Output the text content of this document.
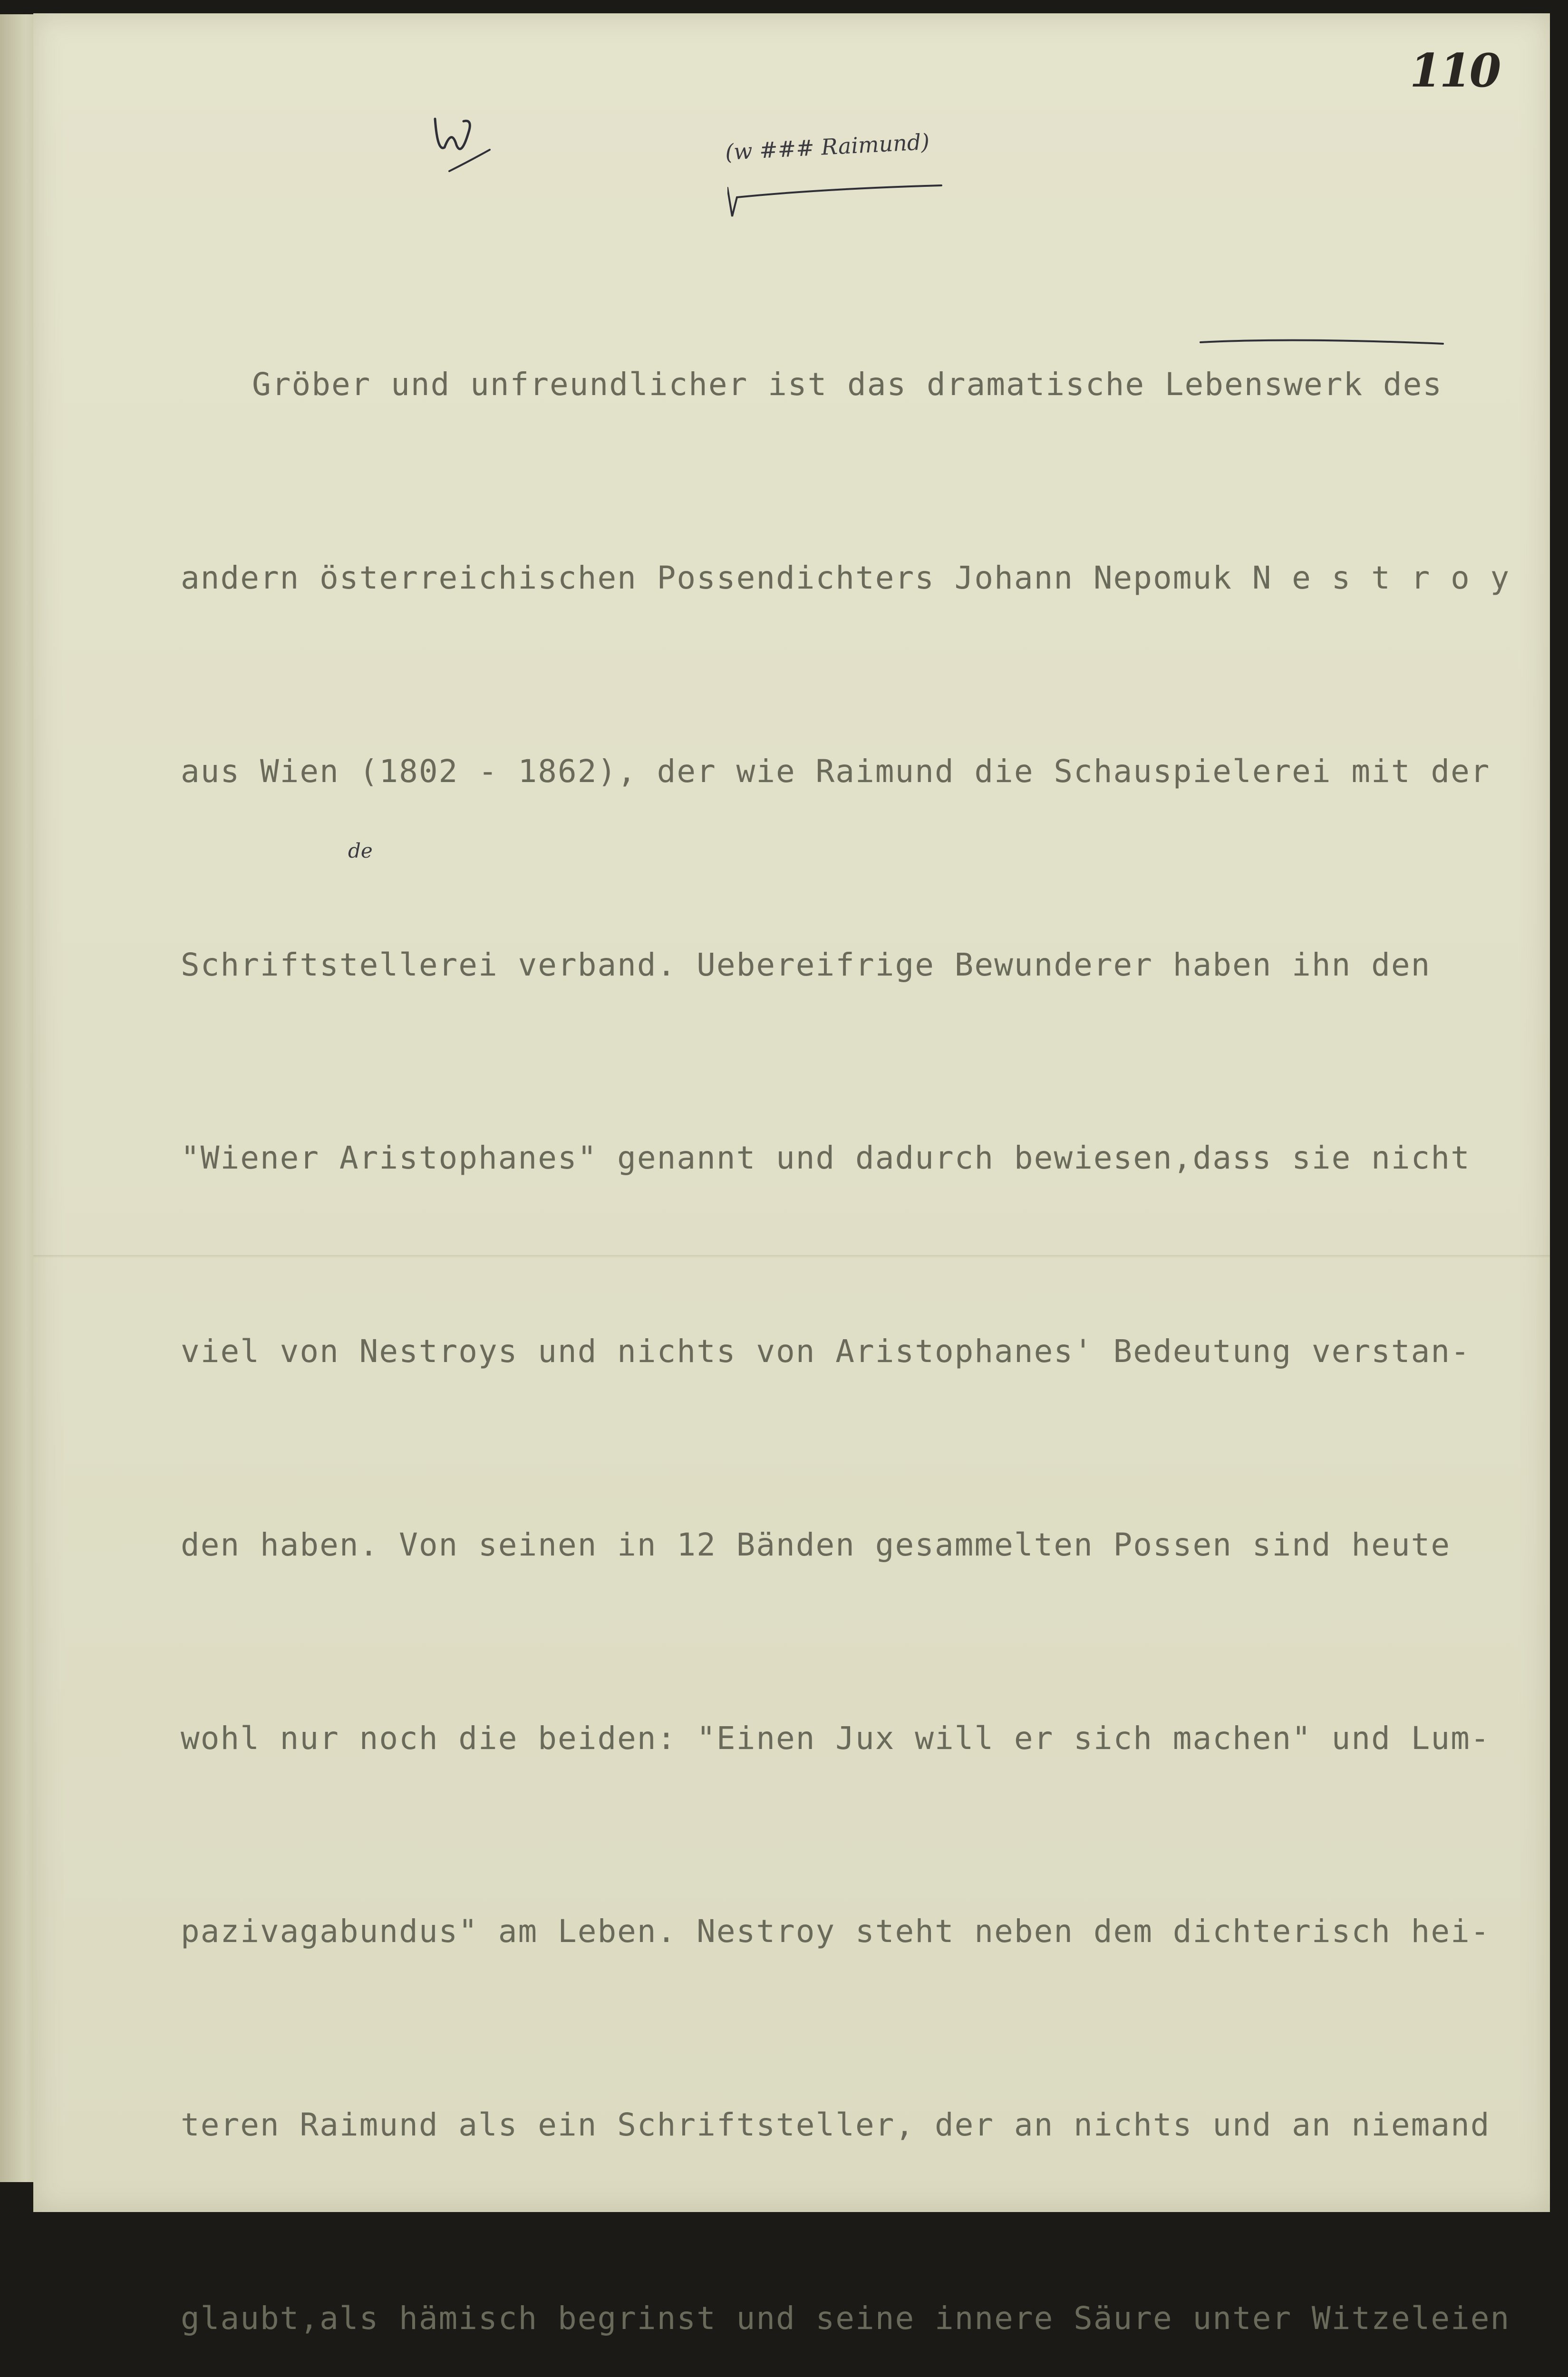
110
(w ### Raimund)
de

Gröber und unfreundlicher ist das dramatische Lebenswerk des

andern österreichischen Possendichters Johann Nepomuk N e s t r o y

aus Wien (1802 - 1862), der wie Raimund die Schauspielerei mit der

Schriftstellerei verband. Uebereifrige Bewunderer haben ihn den

"Wiener Aristophanes" genannt und dadurch bewiesen,dass sie nicht

viel von Nestroys und nichts von Aristophanes' Bedeutung verstan-

den haben. Von seinen in 12 Bänden gesammelten Possen sind heute

wohl nur noch die beiden: "Einen Jux will er sich machen" und Lum-

pazivagabundus" am Leben. Nestroy steht neben dem dichterisch hei-

teren Raimund als ein Schriftsteller, der an nichts und an niemand

glaubt,als hämisch begrinst und seine innere Säure unter Witzeleien
